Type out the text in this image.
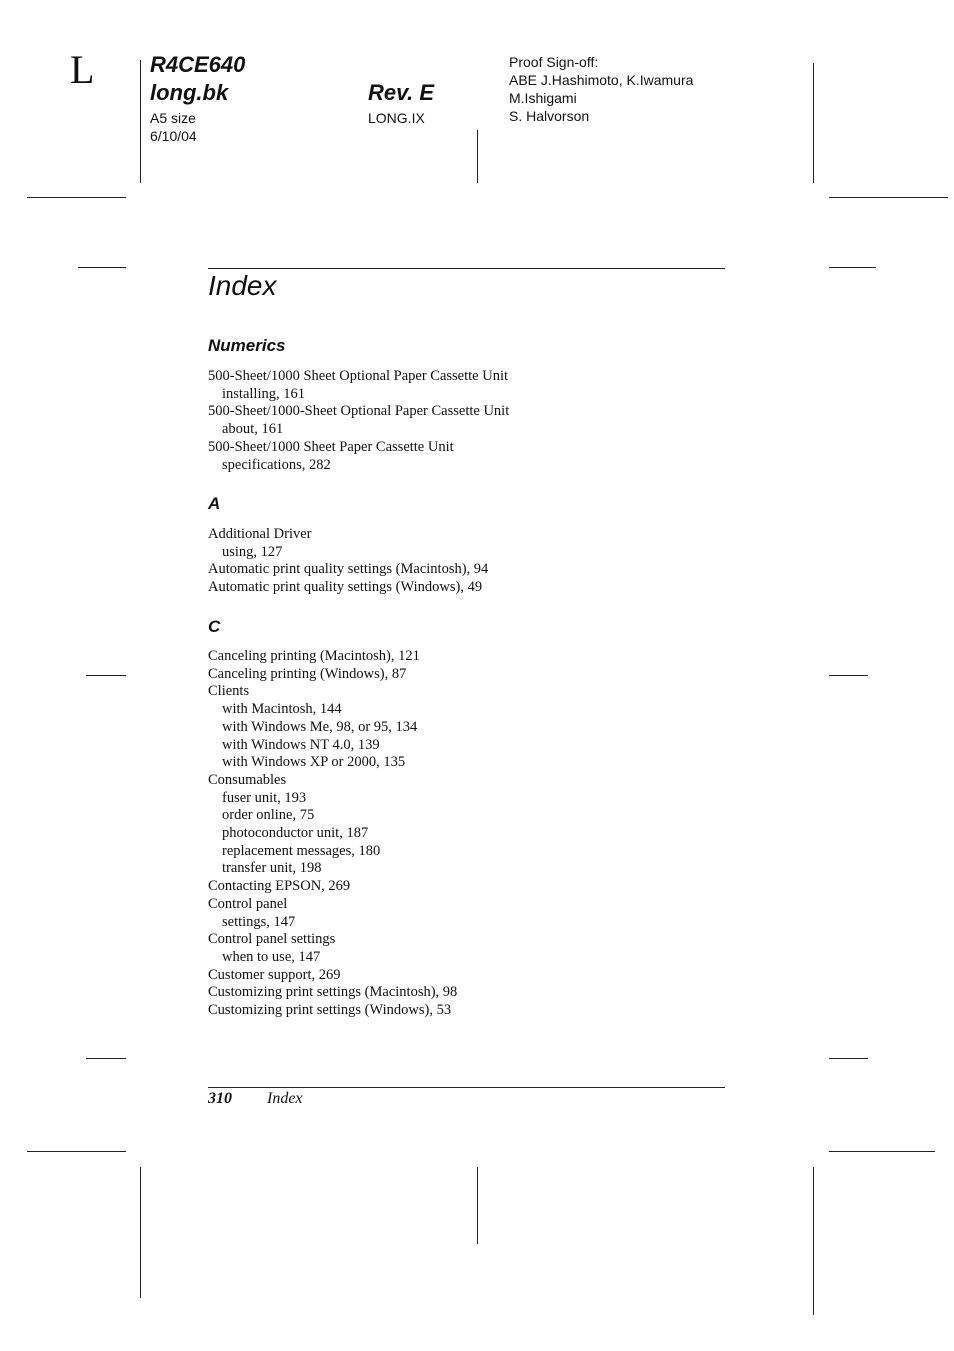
L	R4CE640
long.bk	Rev. E
A5 size
6/10/04
LONG.IX
Proof Sign-off:
ABE J.Hashimoto, K.Iwamura
M.Ishigami
S. Halvorson
Index
Numerics
500-Sheet/1000 Sheet Optional Paper Cassette Unit
installing, 161
500-Sheet/1000-Sheet Optional Paper Cassette Unit
about, 161
500-Sheet/1000 Sheet Paper Cassette Unit
specifications, 282
A
Additional Driver
using, 127
Automatic print quality settings (Macintosh), 94
Automatic print quality settings (Windows), 49
C
Canceling printing (Macintosh), 121
Canceling printing (Windows), 87
Clients
with Macintosh, 144
with Windows Me, 98, or 95, 134
with Windows NT 4.0, 139
with Windows XP or 2000, 135
Consumables
fuser unit, 193
order online, 75
photoconductor unit, 187
replacement messages, 180
transfer unit, 198
Contacting EPSON, 269
Control panel
settings, 147
Control panel settings
when to use, 147
Customer support, 269
Customizing print settings (Macintosh), 98
Customizing print settings (Windows), 53
310 Index
